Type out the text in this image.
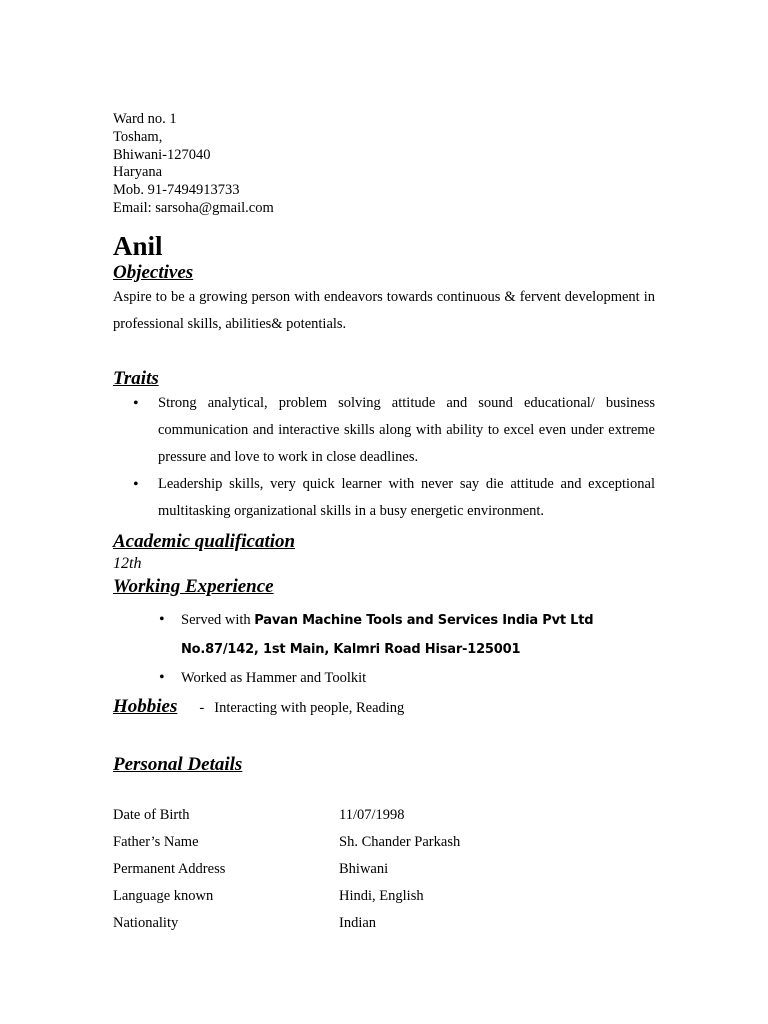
Ward no. 1

Tosham,

Bhiwani-127040

Haryana

Mob. 91-7494913733

Email: sarsoha@gmail.com

Anil
Objectives

Aspire to be a growing person with endeavors towards continuous & fervent development in professional skills, abilities& potentials.

Traits
• Strong analytical, problem solving attitude and sound educational/ business communication and interactive skills along with ability to excel even under extreme pressure and love to work in close deadlines.
• Leadership skills, very quick learner with never say die attitude and exceptional multitasking organizational skills in a busy energetic environment.
Academic qualification

12th

Working Experience
• Served with Pavan Machine Tools and Services India Pvt Ltd No.87/142, 1st Main, Kalmri Road Hisar-125001
• Worked as Hammer and Toolkit
Hobbies - Interacting with people, Reading
Personal Details
Date of Birth	11/07/1998
Father’s Name	Sh. Chander Parkash
Permanent Address	Bhiwani
Language known	Hindi, English
Nationality	Indian
